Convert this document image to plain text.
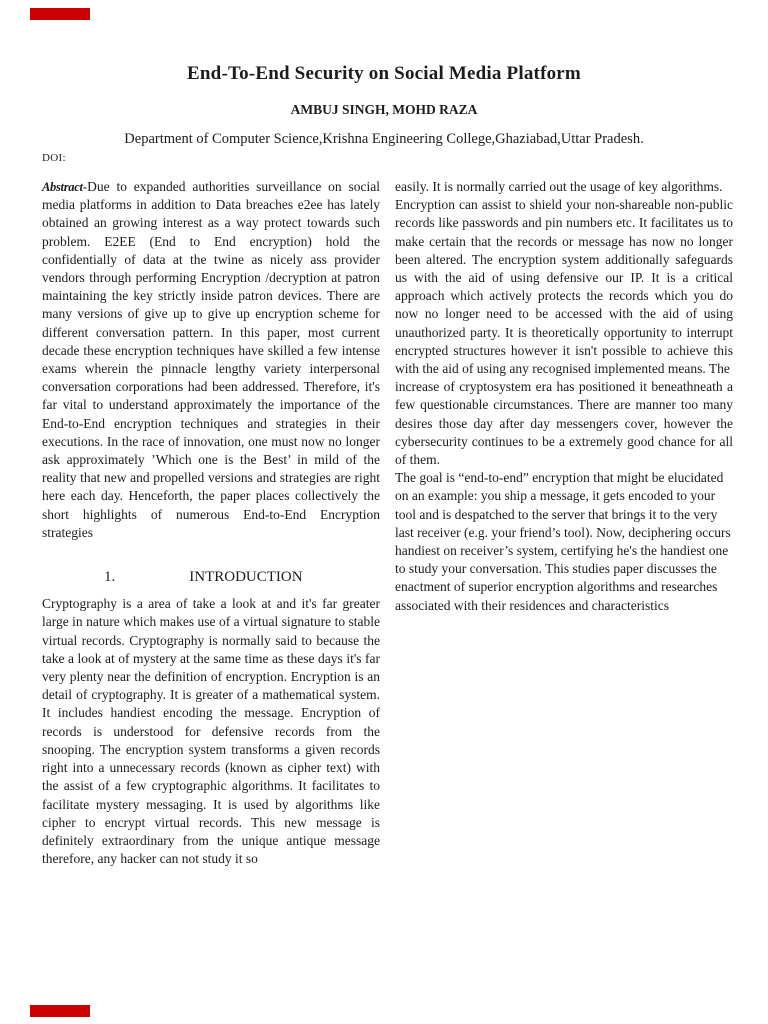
End-To-End Security on Social Media Platform
AMBUJ SINGH, MOHD RAZA
Department of Computer Science,Krishna Engineering College,Ghaziabad,Uttar Pradesh.
DOI:

Abstract-Due to expanded authorities surveillance on social media platforms in addition to Data breaches e2ee has lately obtained an growing interest as a way protect towards such problem. E2EE (End to End encryption) hold the confidentially of data at the twine as nicely ass provider vendors through performing Encryption /decryption at patron maintaining the key strictly inside patron devices. There are many versions of give up to give up encryption scheme for different conversation pattern. In this paper, most current decade these encryption techniques have skilled a few intense exams wherein the pinnacle lengthy variety interpersonal conversation corporations had been addressed. Therefore, it's far vital to understand approximately the importance of the End-to-End encryption techniques and strategies in their executions. In the race of innovation, one must now no longer ask approximately ’Which one is the Best’ in mild of the reality that new and propelled versions and strategies are right here each day. Henceforth, the paper places collectively the short highlights of numerous End-to-End Encryption strategies

1.	INTRODUCTION

Cryptography is a area of take a look at and it's far greater large in nature which makes use of a virtual signature to stable virtual records. Cryptography is normally said to because the take a look at of mystery at the same time as these days it's far very plenty near the definition of encryption. Encryption is an detail of cryptography. It is greater of a mathematical system. It includes handiest encoding the message. Encryption of records is understood for defensive records from the snooping. The encryption system transforms a given records right into a unnecessary records (known as cipher text) with the assist of a few cryptographic algorithms. It facilitates to facilitate mystery messaging. It is used by algorithms like cipher to encrypt virtual records. This new message is definitely extraordinary from the unique antique message therefore, any hacker can not study it so

easily. It is normally carried out the usage of key algorithms.

Encryption can assist to shield your non-shareable non-public records like passwords and pin numbers etc. It facilitates us to make certain that the records or message has now no longer been altered. The encryption system additionally safeguards us with the aid of using defensive our IP. It is a critical approach which actively protects the records which you do now no longer need to be accessed with the aid of using unauthorized party. It is theoretically opportunity to interrupt encrypted structures however it isn't possible to achieve this with the aid of using any recognised implemented means. The

increase of cryptosystem era has positioned it beneathneath a few questionable circumstances. There are manner too many desires those day after day messengers cover, however the cybersecurity continues to be a extremely good chance for all of them.

The goal is “end-to-end” encryption that might be elucidated on an example: you ship a message, it gets encoded to your tool and is despatched to the server that brings it to the very last receiver (e.g. your friend’s tool). Now, deciphering occurs handiest on receiver’s system, certifying he's the handiest one to study your conversation. This studies paper discusses the enactment of superior encryption algorithms and researches associated with their residences and characteristics
